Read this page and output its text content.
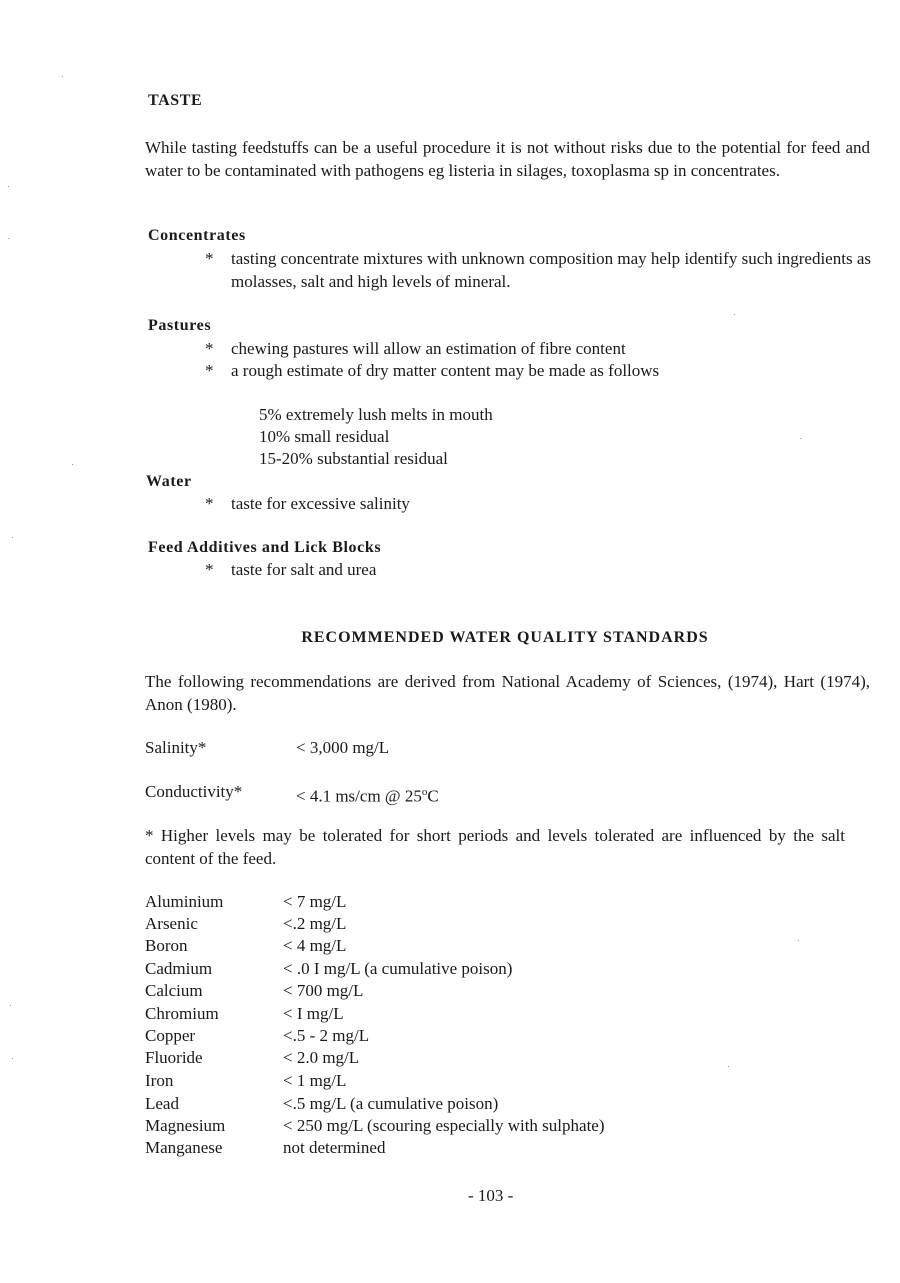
TASTE
While tasting feedstuffs can be a useful procedure it is not without risks due to the potential for feed and water to be contaminated with pathogens eg listeria in silages, toxoplasma sp in concentrates.
Concentrates
* tasting concentrate mixtures with unknown composition may help identify such ingredients as molasses, salt and high levels of mineral.
Pastures
* chewing pastures will allow an estimation of fibre content
* a rough estimate of dry matter content may be made as follows
5% extremely lush melts in mouth
10% small residual
15-20% substantial residual
Water
* taste for excessive salinity
Feed Additives and Lick Blocks
* taste for salt and urea
RECOMMENDED WATER QUALITY STANDARDS
The following recommendations are derived from National Academy of Sciences, (1974), Hart (1974), Anon (1980).
Salinity*	< 3,000 mg/L
Conductivity*	< 4.1 ms/cm @ 25$^o$C
* Higher levels may be tolerated for short periods and levels tolerated are influenced by the salt content of the feed.
Aluminium	< 7 mg/L
Arsenic	<.2 mg/L
Boron	< 4 mg/L
Cadmium	< .0 I mg/L (a cumulative poison)
Calcium	< 700 mg/L
Chromium	< I mg/L
Copper	<.5 - 2 mg/L
Fluoride	< 2.0 mg/L
Iron	< 1 mg/L
Lead	<.5 mg/L (a cumulative poison)
Magnesium	< 250 mg/L (scouring especially with sulphate)
Manganese	not determined
- 103 -
